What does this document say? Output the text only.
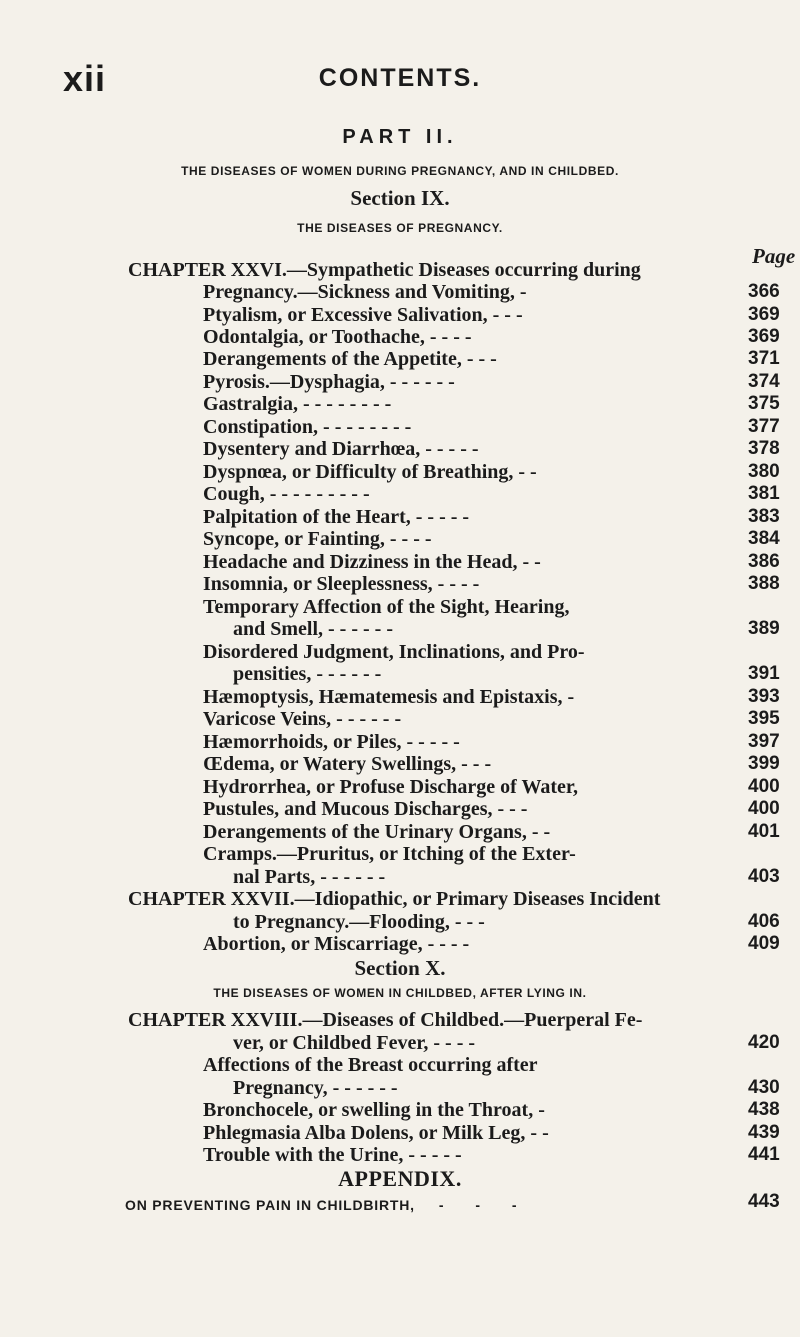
xii	CONTENTS.
PART II.
THE DISEASES OF WOMEN DURING PREGNANCY, AND IN CHILDBED.
Section IX.
THE DISEASES OF PREGNANCY.
Page
CHAPTER XXVI.—Sympathetic Diseases occurring during
Pregnancy.—Sickness and Vomiting, -	366
Ptyalism, or Excessive Salivation, - - -	369
Odontalgia, or Toothache, - - - -	369
Derangements of the Appetite, - - -	371
Pyrosis.—Dysphagia, - - - - - -	374
Gastralgia, - - - - - - - -	375
Constipation, - - - - - - - -	377
Dysentery and Diarrhœa, - - - - -	378
Dyspnœa, or Difficulty of Breathing, - -	380
Cough, - - - - - - - - -	381
Palpitation of the Heart, - - - - -	383
Syncope, or Fainting, - - - -	384
Headache and Dizziness in the Head, - -	386
Insomnia, or Sleeplessness, - - - -	388
Temporary Affection of the Sight, Hearing,
and Smell, - - - - - -	389
Disordered Judgment, Inclinations, and Pro-
pensities, - - - - - -	391
Hæmoptysis, Hæmatemesis and Epistaxis, -	393
Varicose Veins, - - - - - -	395
Hæmorrhoids, or Piles, - - - - -	397
Œdema, or Watery Swellings, - - -	399
Hydrorrhea, or Profuse Discharge of Water,	400
Pustules, and Mucous Discharges, - - -	400
Derangements of the Urinary Organs, - -	401
Cramps.—Pruritus, or Itching of the Exter-
nal Parts, - - - - - -	403
CHAPTER XXVII.—Idiopathic, or Primary Diseases Incident
to Pregnancy.—Flooding, - - -	406
Abortion, or Miscarriage, - - - -	409
Section X.
THE DISEASES OF WOMEN IN CHILDBED, AFTER LYING IN.
CHAPTER XXVIII.—Diseases of Childbed.—Puerperal Fe-
ver, or Childbed Fever, - - - -	420
Affections of the Breast occurring after
Pregnancy, - - - - - -	430
Bronchocele, or swelling in the Throat, -	438
Phlegmasia Alba Dolens, or Milk Leg, - -	439
Trouble with the Urine, - - - - -	441
APPENDIX.
ON PREVENTING PAIN IN CHILDBIRTH, - - -	443
